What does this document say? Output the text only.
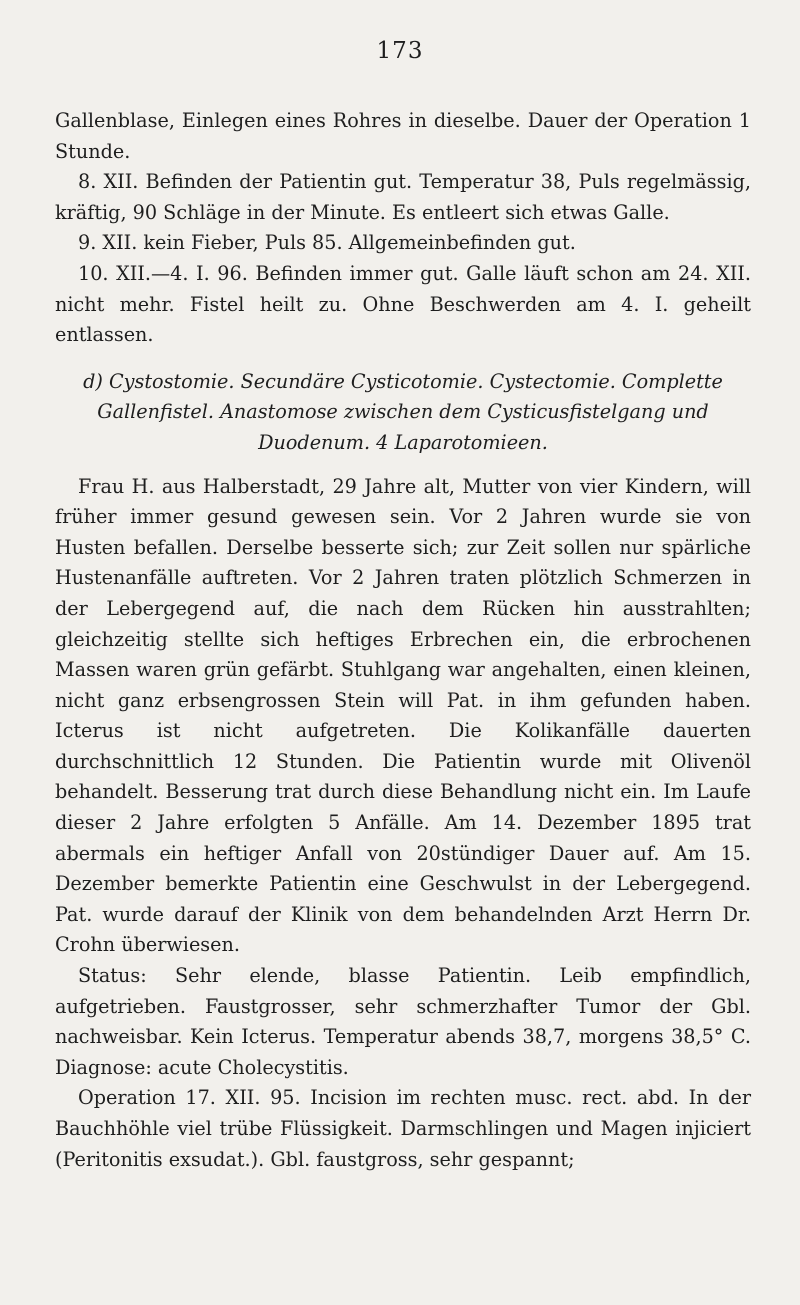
173

Gallenblase, Einlegen eines Rohres in dieselbe. Dauer der Operation 1 Stunde.

8. XII. Befinden der Patientin gut. Temperatur 38, Puls regelmässig, kräftig, 90 Schläge in der Minute. Es entleert sich etwas Galle.

9. XII. kein Fieber, Puls 85. Allgemeinbefinden gut.

10. XII.—4. I. 96. Befinden immer gut. Galle läuft schon am 24. XII. nicht mehr. Fistel heilt zu. Ohne Beschwerden am 4. I. geheilt entlassen.

d) Cystostomie. Secundäre Cysticotomie. Cystectomie. Complette Gallenfistel. Anastomose zwischen dem Cysticusfistelgang und Duodenum. 4 Laparotomieen.

Frau H. aus Halberstadt, 29 Jahre alt, Mutter von vier Kindern, will früher immer gesund gewesen sein. Vor 2 Jahren wurde sie von Husten befallen. Derselbe besserte sich; zur Zeit sollen nur spärliche Hustenanfälle auftreten. Vor 2 Jahren traten plötzlich Schmerzen in der Lebergegend auf, die nach dem Rücken hin ausstrahlten; gleichzeitig stellte sich heftiges Erbrechen ein, die erbrochenen Massen waren grün gefärbt. Stuhlgang war angehalten, einen kleinen, nicht ganz erbsengrossen Stein will Pat. in ihm gefunden haben. Icterus ist nicht aufgetreten. Die Kolikanfälle dauerten durchschnittlich 12 Stunden. Die Patientin wurde mit Olivenöl behandelt. Besserung trat durch diese Behandlung nicht ein. Im Laufe dieser 2 Jahre erfolgten 5 Anfälle. Am 14. Dezember 1895 trat abermals ein heftiger Anfall von 20stündiger Dauer auf. Am 15. Dezember bemerkte Patientin eine Geschwulst in der Lebergegend. Pat. wurde darauf der Klinik von dem behandelnden Arzt Herrn Dr. Crohn überwiesen.

Status: Sehr elende, blasse Patientin. Leib empfindlich, aufgetrieben. Faustgrosser, sehr schmerzhafter Tumor der Gbl. nachweisbar. Kein Icterus. Temperatur abends 38,7, morgens 38,5° C. Diagnose: acute Cholecystitis.

Operation 17. XII. 95. Incision im rechten musc. rect. abd. In der Bauchhöhle viel trübe Flüssigkeit. Darmschlingen und Magen injiciert (Peritonitis exsudat.). Gbl. faustgross, sehr gespannt;
